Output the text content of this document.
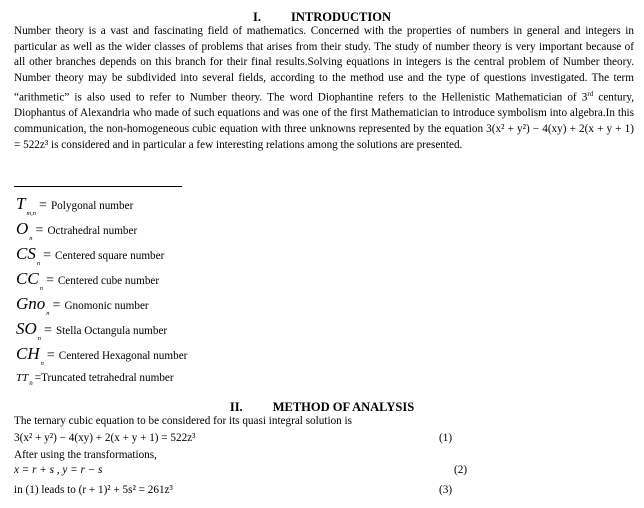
I. INTRODUCTION
Number theory is a vast and fascinating field of mathematics. Concerned with the properties of numbers in general and integers in particular as well as the wider classes of problems that arises from their study. The study of number theory is very important because of all other branches depends on this branch for their final results.Solving equations in integers is the central problem of Number theory. Number theory may be subdivided into several fields, according to the method use and the type of questions investigated. The term “arithmetic” is also used to refer to Number theory. The word Diophantine refers to the Hellenistic Mathematician of 3rd century, Diophantus of Alexandria who made of such equations and was one of the first Mathematician to introduce symbolism into algebra.In this communication, the non-homogeneous cubic equation with three unknowns represented by the equation 3(x² + y²) − 4(xy) + 2(x + y + 1) = 522z³ is considered and in particular a few interesting relations among the solutions are presented.
$T_{m,n}=$ Polygonal number
$O_n=$ Octrahedral number
$CS_n=$ Centered square number
$CC_n=$ Centered cube number
Gno$_n$= Gnomonic number
$SO_n=$ Stella Octangula number
$CH_n=$ Centered Hexagonal number
$TT_n$ =Truncated tetrahedral number
II. METHOD OF ANALYSIS
The ternary cubic equation to be considered for its quasi integral solution is
3(x² + y²) − 4(xy) + 2(x + y + 1) = 522z³	(1)
After using the transformations,
x = r + s , y = r − s	(2)
in (1) leads to (r + 1)² + 5s² = 261z³	(3)
